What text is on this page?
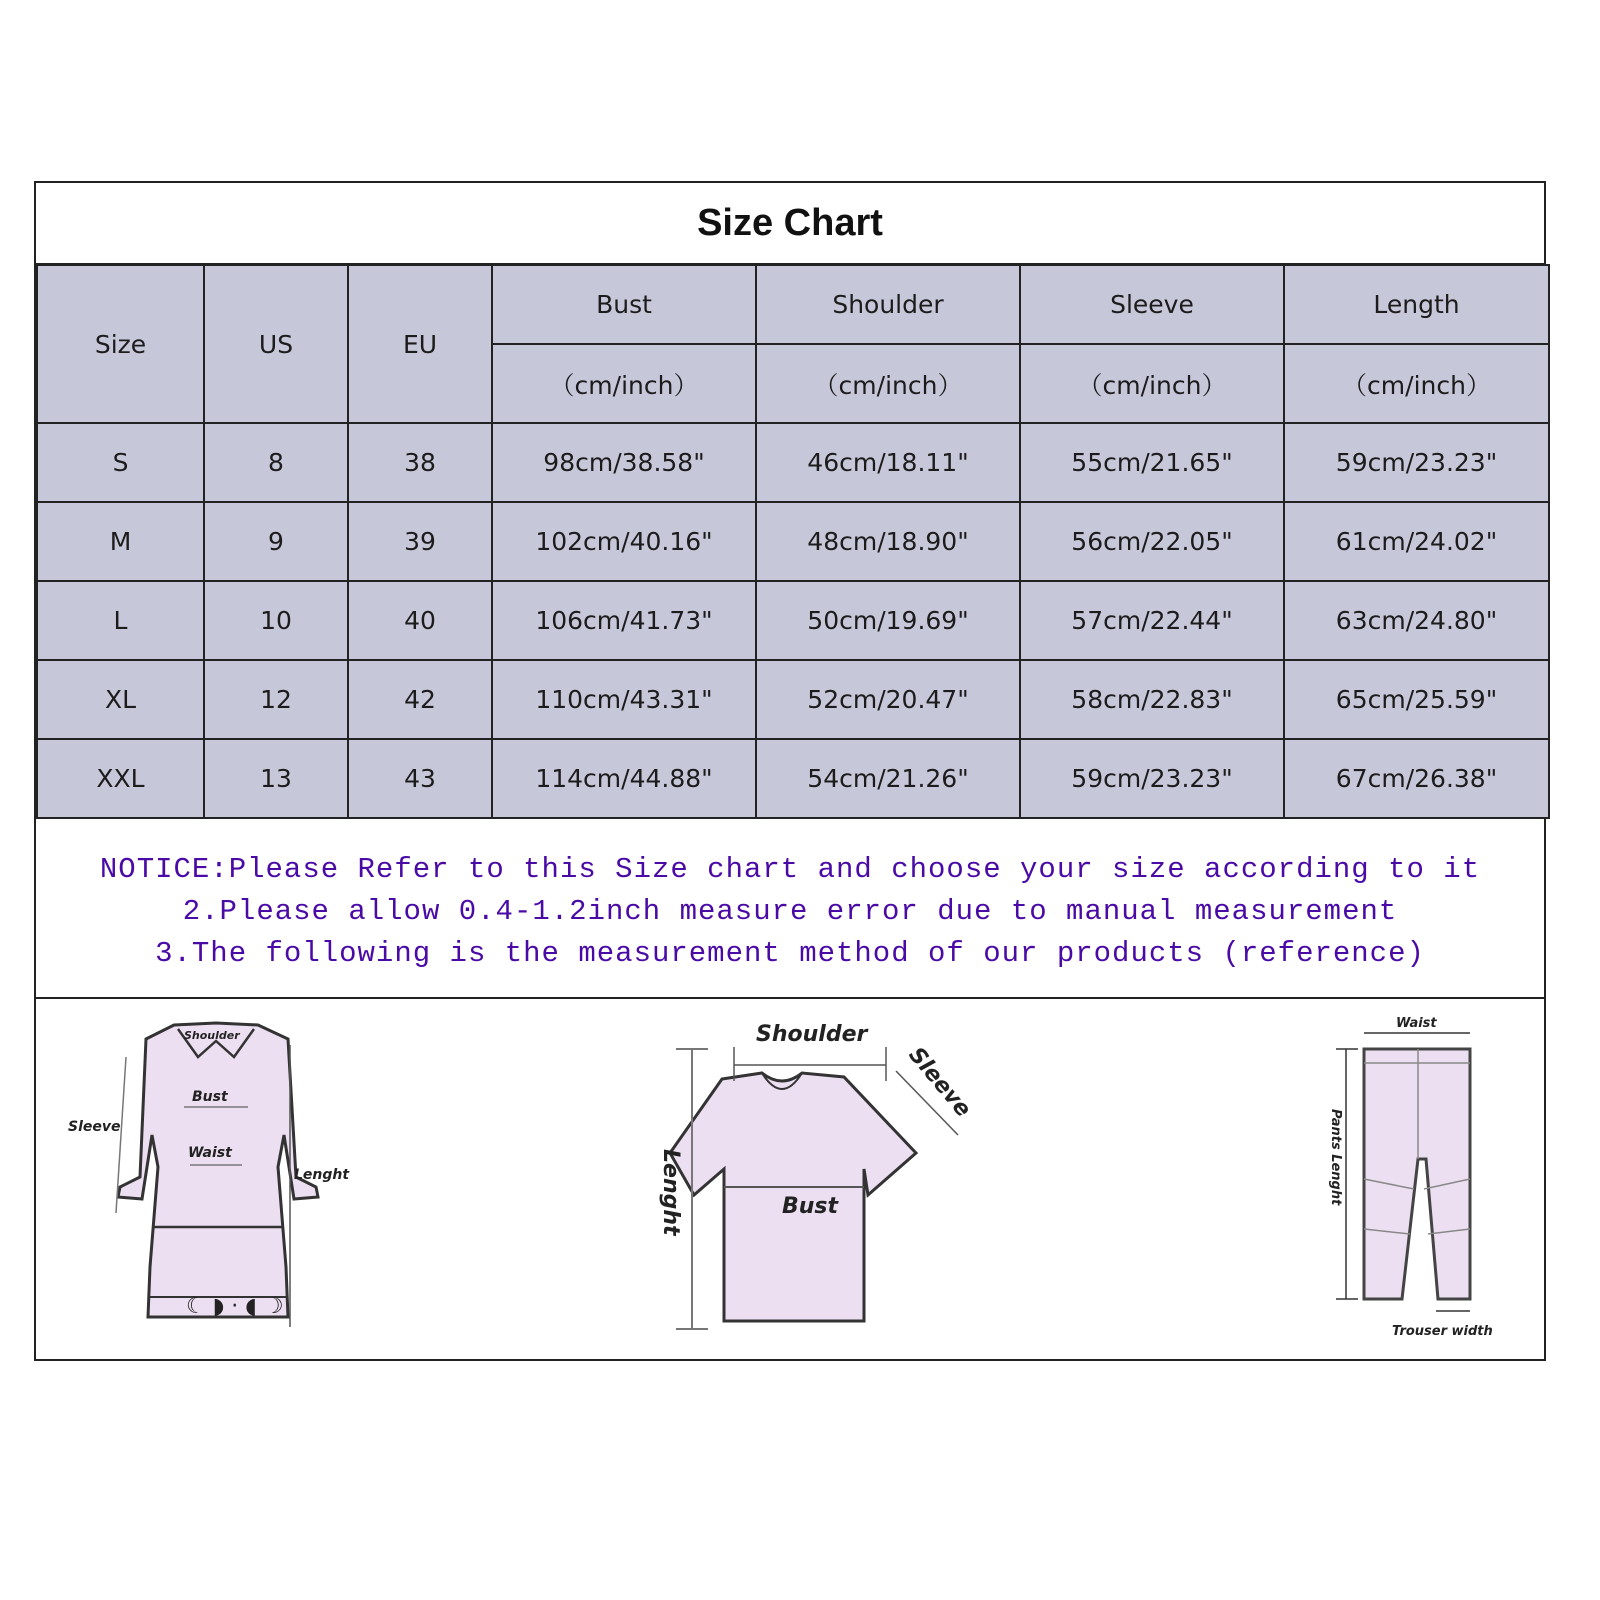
Size Chart
Size	US	EU	Bust	Shoulder	Sleeve	Length
			（cm/inch）	（cm/inch）	（cm/inch）	（cm/inch）
S	8	38	98cm/38.58"	46cm/18.11"	55cm/21.65"	59cm/23.23"
M	9	39	102cm/40.16"	48cm/18.90"	56cm/22.05"	61cm/24.02"
L	10	40	106cm/41.73"	50cm/19.69"	57cm/22.44"	63cm/24.80"
XL	12	42	110cm/43.31"	52cm/20.47"	58cm/22.83"	65cm/25.59"
XXL	13	43	114cm/44.88"	54cm/21.26"	59cm/23.23"	67cm/26.38"
NOTICE:Please Refer to this Size chart and choose your size according to it
2.Please allow 0.4-1.2inch measure error due to manual measurement
3.The following is the measurement method of our products (reference)
☾ ◗ · ◖ ☽
Shoulder
Bust
Waist
Sleeve
Lenght
Shoulder
Bust
Sleeve
Lenght
Waist
Pants Lenght
Trouser width
